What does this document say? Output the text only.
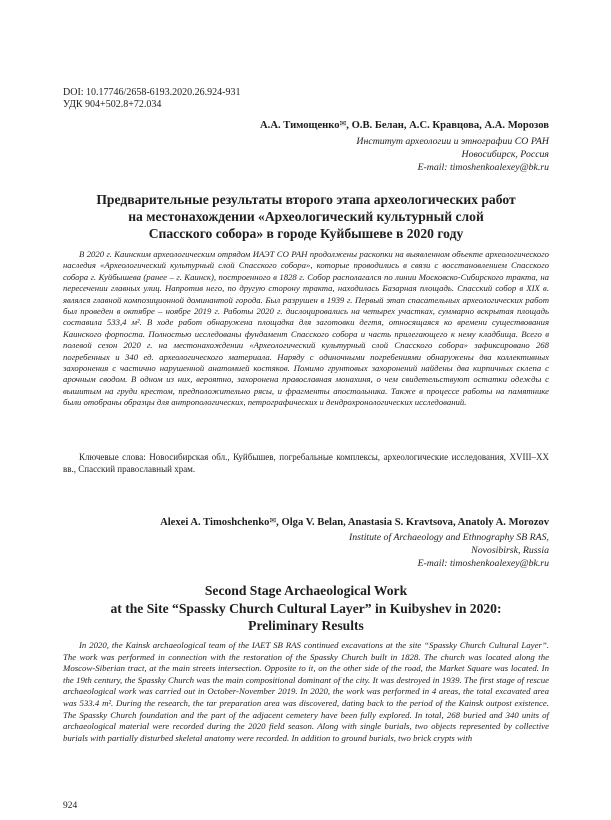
DOI: 10.17746/2658-6193.2020.26.924-931
УДК 904+502.8+72.034
А.А. Тимощенко✉, О.В. Белан, А.С. Кравцова, А.А. Морозов
Институт археологии и этнографии СО РАН
Новосибирск, Россия
E-mail: timoshenkoalexey@bk.ru
Предварительные результаты второго этапа археологических работ
на местонахождении «Археологический культурный слой
Спасского собора» в городе Куйбышеве в 2020 году

В 2020 г. Каинским археологическим отрядом ИАЭТ СО РАН продолжены раскопки на выявленном объекте археологического наследия «Археологический культурный слой Спасского собора», которые проводились в связи с восстановлением Спасского собора г. Куйбышева (ранее – г. Каинск), построенного в 1828 г. Собор располагался по линии Московско-Сибирского тракта, на пересечении главных улиц. Напротив него, по другую сторону тракта, находилась Базарная площадь. Спасский собор в XIX в. являлся главной композиционной доминантой города. Был разрушен в 1939 г. Первый этап спасательных археологических работ был проведен в октябре – ноябре 2019 г. Работы 2020 г. дислоцировались на четырех участках, суммарно вскрытая площадь составила 533,4 м². В ходе работ обнаружена площадка для заготовки дегтя, относящаяся ко времени существования Каинского форпоста. Полностью исследованы фундамент Спасского собора и часть прилегающего к нему кладбища. Всего в полевой сезон 2020 г. на местонахождении «Археологический культурный слой Спасского собора» зафиксировано 268 погребенных и 340 ед. археологического материала. Наряду с одиночными погребениями обнаружены два коллективных захоронения с частично нарушенной анатомией костяков. Помимо грунтовых захоронений найдены два кирпичных склепа с арочным сводом. В одном из них, вероятно, захоронена православная монахиня, о чем свидетельствуют остатки одежды с вышитым на груди крестом, предположительно рясы, и фрагменты апостольника. Также в процессе работы на памятнике были отобраны образцы для антропологических, петрографических и дендрохронологических исследований.

Ключевые слова: Новосибирская обл., Куйбышев, погребальные комплексы, археологические исследования, XVIII–XX вв., Спасский православный храм.

Alexei A. Timoshchenko✉, Olga V. Belan, Anastasia S. Kravtsova, Anatoly A. Morozov
Institute of Archaeology and Ethnography SB RAS,
Novosibirsk, Russia
E-mail: timoshenkoalexey@bk.ru
Second Stage Archaeological Work
at the Site “Spassky Church Cultural Layer” in Kuibyshev in 2020:
Preliminary Results

In 2020, the Kainsk archaeological team of the IAET SB RAS continued excavations at the site “Spassky Church Cultural Layer”. The work was performed in connection with the restoration of the Spassky Church built in 1828. The church was located along the Moscow-Siberian tract, at the main streets intersection. Opposite to it, on the other side of the road, the Market Square was located. In the 19th century, the Spassky Church was the main compositional dominant of the city. It was destroyed in 1939. The first stage of rescue archaeological work was carried out in October-November 2019. In 2020, the work was performed in 4 areas, the total excavated area was 533.4 m². During the research, the tar preparation area was discovered, dating back to the period of the Kainsk outpost existence. The Spassky Church foundation and the part of the adjacent cemetery have been fully explored. In total, 268 buried and 340 units of archaeological material were recorded during the 2020 field season. Along with single burials, two objects represented by collective burials with partially disturbed skeletal anatomy were recorded. In addition to ground burials, two brick crypts with

924
